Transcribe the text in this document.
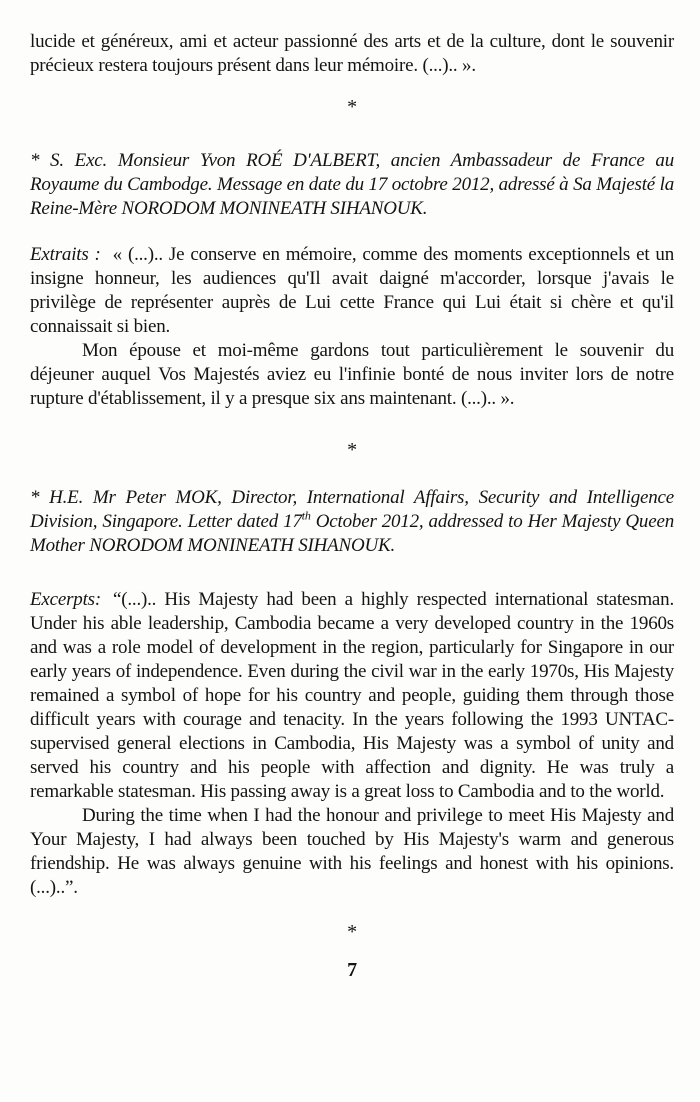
lucide et généreux, ami et acteur passionné des arts et de la culture, dont le souvenir précieux restera toujours présent dans leur mémoire. (...).. ».

*

* S. Exc. Monsieur Yvon ROÉ D'ALBERT, ancien Ambassadeur de France au Royaume du Cambodge. Message en date du 17 octobre 2012, adressé à Sa Majesté la Reine-Mère NORODOM MONINEATH SIHANOUK.

Extraits : « (...).. Je conserve en mémoire, comme des moments exceptionnels et un insigne honneur, les audiences qu'Il avait daigné m'accorder, lorsque j'avais le privilège de représenter auprès de Lui cette France qui Lui était si chère et qu'il connaissait si bien.

Mon épouse et moi-même gardons tout particulièrement le souvenir du déjeuner auquel Vos Majestés aviez eu l'infinie bonté de nous inviter lors de notre rupture d'établissement, il y a presque six ans maintenant. (...).. ».

*

* H.E. Mr Peter MOK, Director, International Affairs, Security and Intelligence Division, Singapore. Letter dated 17th October 2012, addressed to Her Majesty Queen Mother NORODOM MONINEATH SIHANOUK.

Excerpts: “(...).. His Majesty had been a highly respected international statesman. Under his able leadership, Cambodia became a very developed country in the 1960s and was a role model of development in the region, particularly for Singapore in our early years of independence. Even during the civil war in the early 1970s, His Majesty remained a symbol of hope for his country and people, guiding them through those difficult years with courage and tenacity. In the years following the 1993 UNTAC-supervised general elections in Cambodia, His Majesty was a symbol of unity and served his country and his people with affection and dignity. He was truly a remarkable statesman. His passing away is a great loss to Cambodia and to the world.

During the time when I had the honour and privilege to meet His Majesty and Your Majesty, I had always been touched by His Majesty's warm and generous friendship. He was always genuine with his feelings and honest with his opinions. (...)..”.

*
7
